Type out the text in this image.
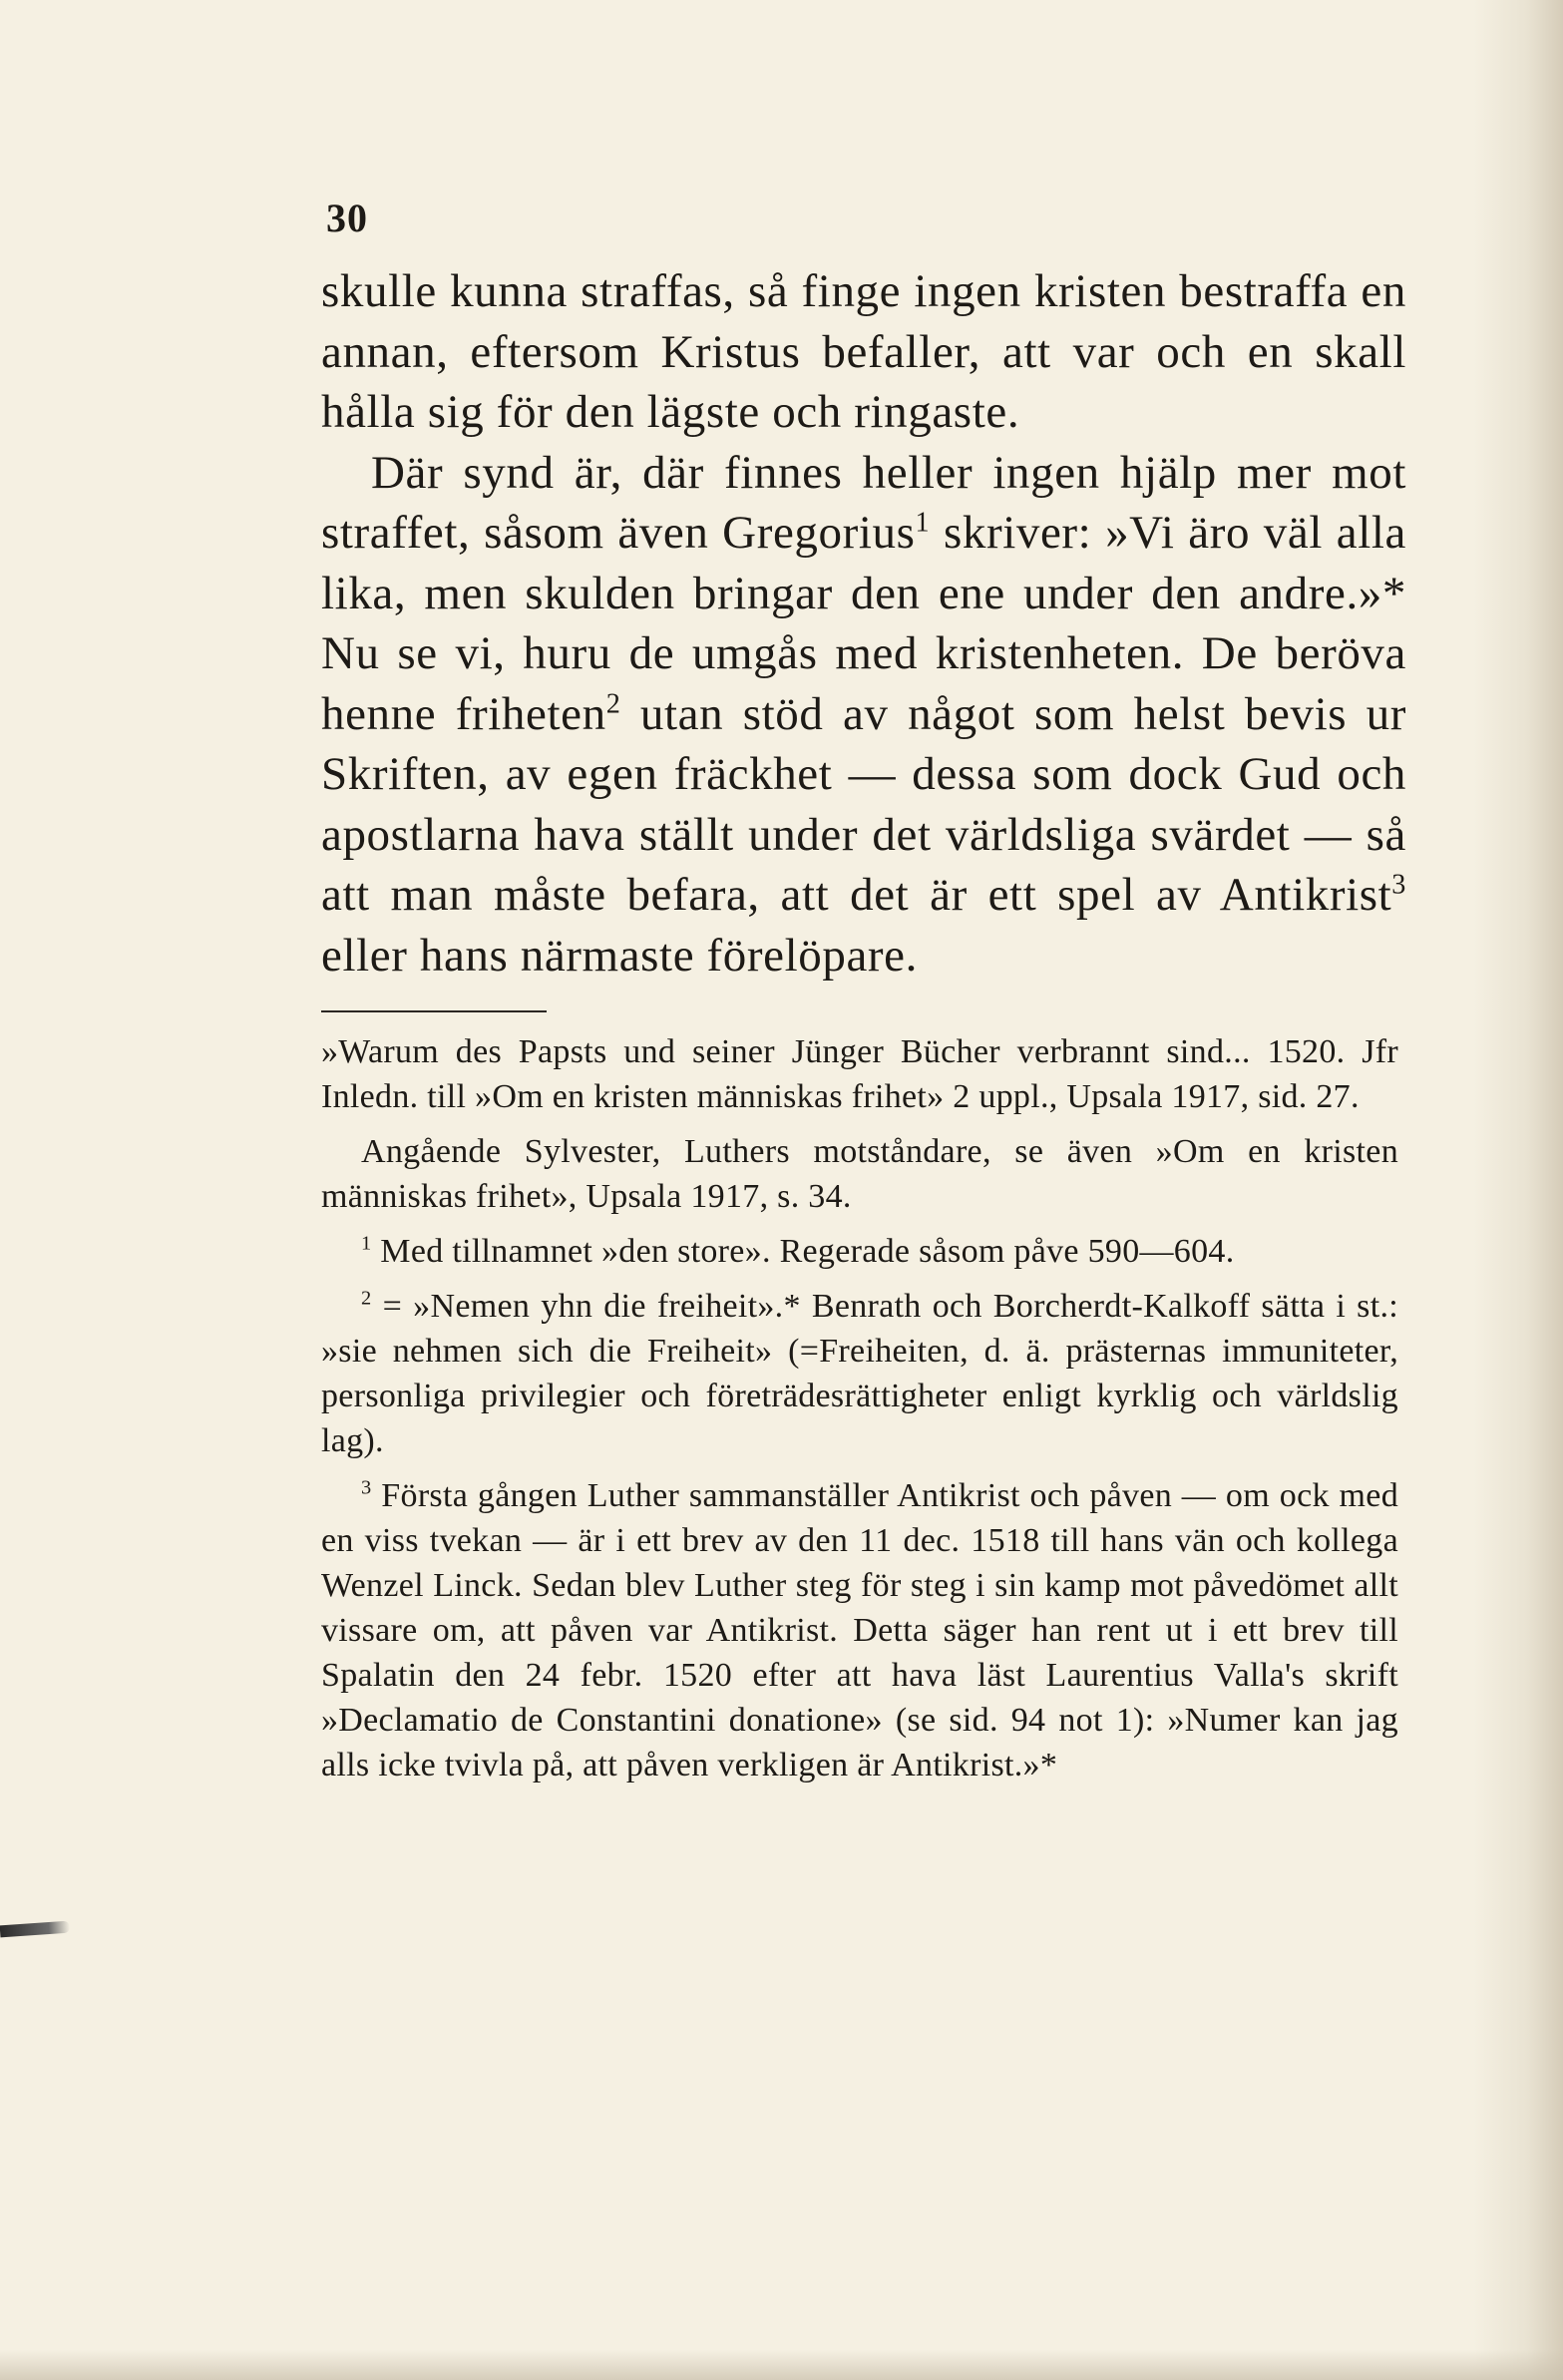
30

skulle kunna straffas, så finge ingen kristen bestraffa en annan, eftersom Kristus befaller, att var och en skall hålla sig för den lägste och ringaste.

Där synd är, där finnes heller ingen hjälp mer mot straffet, såsom även Gregorius$^1$ skriver: »Vi äro väl alla lika, men skulden bringar den ene under den andre.»* Nu se vi, huru de umgås med kristenheten. De beröva henne friheten$^2$ utan stöd av något som helst bevis ur Skriften, av egen fräckhet — dessa som dock Gud och apostlarna hava ställt under det världsliga svärdet — så att man måste befara, att det är ett spel av Antikrist$^3$ eller hans närmaste förelöpare.

»Warum des Papsts und seiner Jünger Bücher verbrannt sind... 1520. Jfr Inledn. till »Om en kristen människas frihet» 2 uppl., Upsala 1917, sid. 27.

Angående Sylvester, Luthers motståndare, se även »Om en kristen människas frihet», Upsala 1917, s. 34.

$^1$ Med tillnamnet »den store». Regerade såsom påve 590—604.

$^2$ = »Nemen yhn die freiheit».* Benrath och Borcherdt-Kalkoff sätta i st.: »sie nehmen sich die Freiheit» (=Freiheiten, d. ä. prästernas immuniteter, personliga privilegier och företrädesrättigheter enligt kyrklig och världslig lag).

$^3$ Första gången Luther sammanställer Antikrist och påven — om ock med en viss tvekan — är i ett brev av den 11 dec. 1518 till hans vän och kollega Wenzel Linck. Sedan blev Luther steg för steg i sin kamp mot påvedömet allt vissare om, att påven var Antikrist. Detta säger han rent ut i ett brev till Spalatin den 24 febr. 1520 efter att hava läst Laurentius Valla's skrift »Declamatio de Constantini donatione» (se sid. 94 not 1): »Numer kan jag alls icke tvivla på, att påven verkligen är Antikrist.»*
